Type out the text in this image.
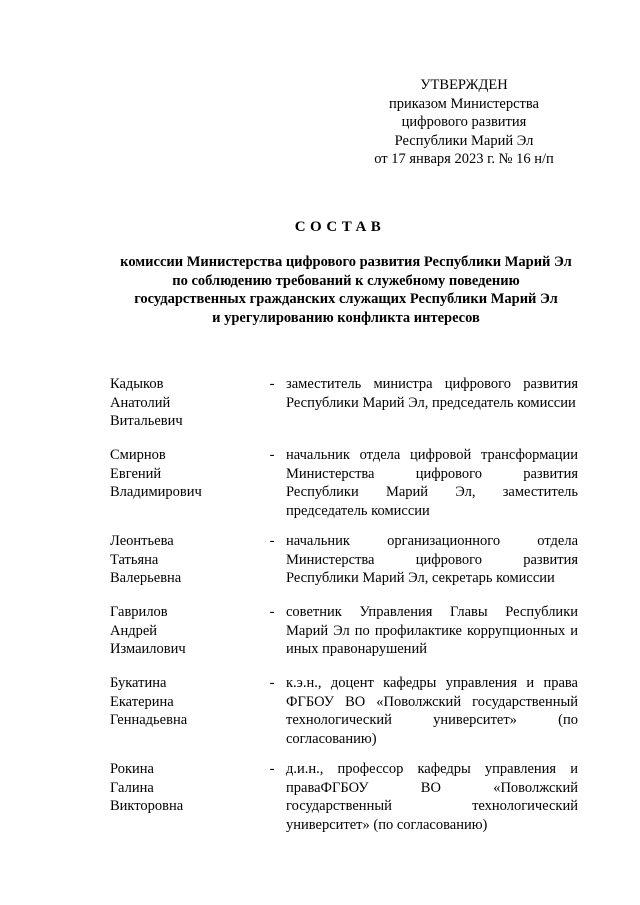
УТВЕРЖДЕН
приказом Министерства
цифрового развития
Республики Марий Эл
от 17 января 2023 г. № 16 н/п
СОСТАВ
комиссии Министерства цифрового развития Республики Марий Эл
по соблюдению требований к служебному поведению
государственных гражданских служащих Республики Марий Эл
и урегулированию конфликта интересов
Кадыков
Анатолий
Витальевич
- заместитель министра цифрового развития Республики Марий Эл, председатель комиссии
Смирнов
Евгений
Владимирович
- начальник отдела цифровой трансформации Министерства цифрового развития Республики Марий Эл, заместитель председатель комиссии
Леонтьева
Татьяна
Валерьевна
- начальник организационного отдела Министерства цифрового развития Республики Марий Эл, секретарь комиссии
Гаврилов
Андрей
Измаилович
- советник Управления Главы Республики Марий Эл по профилактике коррупционных и иных правонарушений
Букатина
Екатерина
Геннадьевна
- к.э.н., доцент кафедры управления и права ФГБОУ ВО «Поволжский государственный технологический университет» (по согласованию)
Рокина
Галина
Викторовна
- д.и.н., профессор кафедры управления и праваФГБОУ ВО «Поволжский государственный технологический университет» (по согласованию)
